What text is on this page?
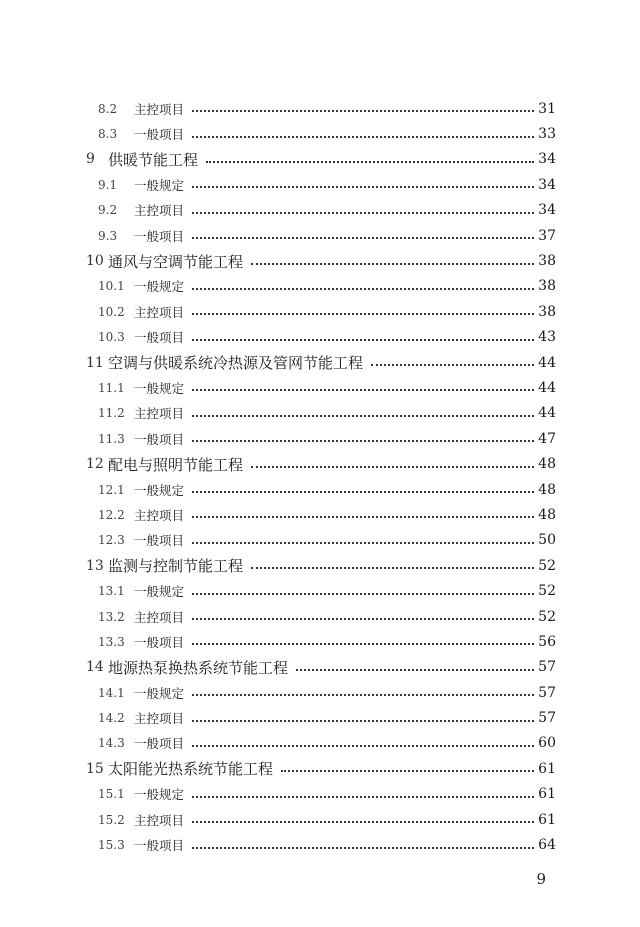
8.2	主控项目	31
8.3	一般项目	33
9 供暖节能工程	34
9.1	一般规定	34
9.2	主控项目	34
9.3	一般项目	37
10 通风与空调节能工程	38
10.1 一般规定	38
10.2 主控项目	38
10.3 一般项目	43
11 空调与供暖系统冷热源及管网节能工程	44
11.1 一般规定	44
11.2 主控项目	44
11.3 一般项目	47
12 配电与照明节能工程	48
12.1 一般规定	48
12.2 主控项目	48
12.3 一般项目	50
13 监测与控制节能工程	52
13.1 一般规定	52
13.2 主控项目	52
13.3 一般项目	56
14 地源热泵换热系统节能工程	57
14.1 一般规定	57
14.2 主控项目	57
14.3 一般项目	60
15 太阳能光热系统节能工程	61
15.1 一般规定	61
15.2 主控项目	61
15.3 一般项目	64
9
